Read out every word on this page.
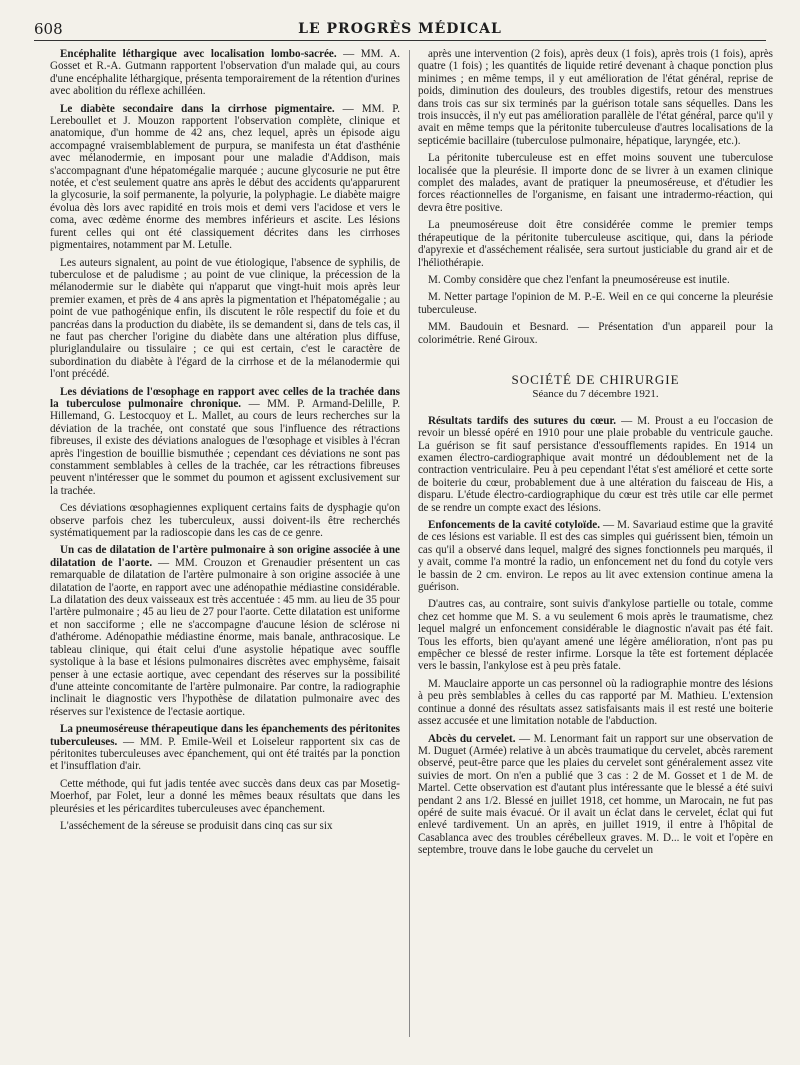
608	LE PROGRÈS MÉDICAL

Encéphalite léthargique avec localisation lombo-sacrée. — MM. A. Gosset et R.-A. Gutmann rapportent l'observation d'un malade qui, au cours d'une encéphalite léthargique, présenta temporairement de la rétention d'urines avec abolition du réflexe achilléen.

Le diabète secondaire dans la cirrhose pigmentaire. — MM. P. Lereboullet et J. Mouzon rapportent l'observation complète, clinique et anatomique, d'un homme de 42 ans, chez lequel, après un épisode aigu accompagné vraisemblablement de purpura, se manifesta un état d'asthénie avec mélanodermie, en imposant pour une maladie d'Addison, mais s'accompagnant d'une hépatomégalie marquée ; aucune glycosurie ne put être notée, et c'est seulement quatre ans après le début des accidents qu'apparurent la glycosurie, la soif permanente, la polyurie, la polyphagie. Le diabète maigre évolua dès lors avec rapidité en trois mois et demi vers l'acidose et vers le coma, avec œdème énorme des membres inférieurs et ascite. Les lésions furent celles qui ont été classiquement décrites dans les cirrhoses pigmentaires, notamment par M. Letulle.

Les auteurs signalent, au point de vue étiologique, l'absence de syphilis, de tuberculose et de paludisme ; au point de vue clinique, la précession de la mélanodermie sur le diabète qui n'apparut que vingt-huit mois après leur premier examen, et près de 4 ans après la pigmentation et l'hépatomégalie ; au point de vue pathogénique enfin, ils discutent le rôle respectif du foie et du pancréas dans la production du diabète, ils se demandent si, dans de tels cas, il ne faut pas chercher l'origine du diabète dans une altération plus diffuse, pluriglandulaire ou tissulaire ; ce qui est certain, c'est le caractère de subordination du diabète à l'égard de la cirrhose et de la mélanodermie qui l'ont précédé.

Les déviations de l'œsophage en rapport avec celles de la trachée dans la tuberculose pulmonaire chronique. — MM. P. Armand-Delille, P. Hillemand, G. Lestocquoy et L. Mallet, au cours de leurs recherches sur la déviation de la trachée, ont constaté que sous l'influence des rétractions fibreuses, il existe des déviations analogues de l'œsophage et visibles à l'écran après l'ingestion de bouillie bismuthée ; cependant ces déviations ne sont pas constamment semblables à celles de la trachée, car les rétractions fibreuses peuvent n'intéresser que le sommet du poumon et agissent exclusivement sur la trachée.

Ces déviations œsophagiennes expliquent certains faits de dysphagie qu'on observe parfois chez les tuberculeux, aussi doivent-ils être recherchés systématiquement par la radioscopie dans les cas de ce genre.

Un cas de dilatation de l'artère pulmonaire à son origine associée à une dilatation de l'aorte. — MM. Crouzon et Grenaudier présentent un cas remarquable de dilatation de l'artère pulmonaire à son origine associée à une dilatation de l'aorte, en rapport avec une adénopathie médiastine considérable. La dilatation des deux vaisseaux est très accentuée : 45 mm. au lieu de 35 pour l'artère pulmonaire ; 45 au lieu de 27 pour l'aorte. Cette dilatation est uniforme et non sacciforme ; elle ne s'accompagne d'aucune lésion de sclérose ni d'athérome. Adénopathie médiastine énorme, mais banale, anthracosique. Le tableau clinique, qui était celui d'une asystolie hépatique avec souffle systolique à la base et lésions pulmonaires discrètes avec emphysème, faisait penser à une ectasie aortique, avec cependant des réserves sur la possibilité d'une atteinte concomitante de l'artère pulmonaire. Par contre, la radiographie inclinait le diagnostic vers l'hypothèse de dilatation pulmonaire avec des réserves sur l'existence de l'ectasie aortique.

La pneumoséreuse thérapeutique dans les épanchements des péritonites tuberculeuses. — MM. P. Emile-Weil et Loiseleur rapportent six cas de péritonites tuberculeuses avec épanchement, qui ont été traités par la ponction et l'insufflation d'air.

Cette méthode, qui fut jadis tentée avec succès dans deux cas par Mosetig-Moerhof, par Folet, leur a donné les mêmes beaux résultats que dans les pleurésies et les péricardites tuberculeuses avec épanchement.

L'asséchement de la séreuse se produisit dans cinq cas sur six

après une intervention (2 fois), après deux (1 fois), après trois (1 fois), après quatre (1 fois) ; les quantités de liquide retiré devenant à chaque ponction plus minimes ; en même temps, il y eut amélioration de l'état général, reprise de poids, diminution des douleurs, des troubles digestifs, retour des menstrues dans trois cas sur six terminés par la guérison totale sans séquelles. Dans les trois insuccès, il n'y eut pas amélioration parallèle de l'état général, parce qu'il y avait en même temps que la péritonite tuberculeuse d'autres localisations de la septicémie bacillaire (tuberculose pulmonaire, hépatique, laryngée, etc.).

La péritonite tuberculeuse est en effet moins souvent une tuberculose localisée que la pleurésie. Il importe donc de se livrer à un examen clinique complet des malades, avant de pratiquer la pneumoséreuse, et d'étudier les forces réactionnelles de l'organisme, en faisant une intradermo-réaction, qui devra être positive.

La pneumoséreuse doit être considérée comme le premier temps thérapeutique de la péritonite tuberculeuse ascitique, qui, dans la période d'apyrexie et d'asséchement réalisée, sera surtout justiciable du grand air et de l'héliothérapie.

M. Comby considère que chez l'enfant la pneumoséreuse est inutile.

M. Netter partage l'opinion de M. P.-E. Weil en ce qui concerne la pleurésie tuberculeuse.

MM. Baudouin et Besnard. — Présentation d'un appareil pour la colorimétrie. René Giroux.

SOCIÉTÉ DE CHIRURGIE
Séance du 7 décembre 1921.

Résultats tardifs des sutures du cœur. — M. Proust a eu l'occasion de revoir un blessé opéré en 1910 pour une plaie probable du ventricule gauche. La guérison se fit sauf persistance d'essoufflements rapides. En 1914 un examen électro-cardiographique avait montré un dédoublement net de la contraction ventriculaire. Peu à peu cependant l'état s'est amélioré et cette sorte de boiterie du cœur, probablement due à une altération du faisceau de His, a disparu. L'étude électro-cardiographique du cœur est très utile car elle permet de se rendre un compte exact des lésions.

Enfoncements de la cavité cotyloïde. — M. Savariaud estime que la gravité de ces lésions est variable. Il est des cas simples qui guérissent bien, témoin un cas qu'il a observé dans lequel, malgré des signes fonctionnels peu marqués, il y avait, comme l'a montré la radio, un enfoncement net du fond du cotyle vers le bassin de 2 cm. environ. Le repos au lit avec extension continue amena la guérison.

D'autres cas, au contraire, sont suivis d'ankylose partielle ou totale, comme chez cet homme que M. S. a vu seulement 6 mois après le traumatisme, chez lequel malgré un enfoncement considérable le diagnostic n'avait pas été fait. Tous les efforts, bien qu'ayant amené une légère amélioration, n'ont pas pu empêcher ce blessé de rester infirme. Lorsque la tête est fortement déplacée vers le bassin, l'ankylose est à peu près fatale.

M. Mauclaire apporte un cas personnel où la radiographie montre des lésions à peu près semblables à celles du cas rapporté par M. Mathieu. L'extension continue a donné des résultats assez satisfaisants mais il est resté une boiterie assez accusée et une limitation notable de l'abduction.

Abcès du cervelet. — M. Lenormant fait un rapport sur une observation de M. Duguet (Armée) relative à un abcès traumatique du cervelet, abcès rarement observé, peut-être parce que les plaies du cervelet sont généralement assez vite suivies de mort. On n'en a publié que 3 cas : 2 de M. Gosset et 1 de M. de Martel. Cette observation est d'autant plus intéressante que le blessé a été suivi pendant 2 ans 1/2. Blessé en juillet 1918, cet homme, un Marocain, ne fut pas opéré de suite mais évacué. Or il avait un éclat dans le cervelet, éclat qui fut enlevé tardivement. Un an après, en juillet 1919, il entre à l'hôpital de Casablanca avec des troubles cérébelleux graves. M. D... le voit et l'opère en septembre, trouve dans le lobe gauche du cervelet un
